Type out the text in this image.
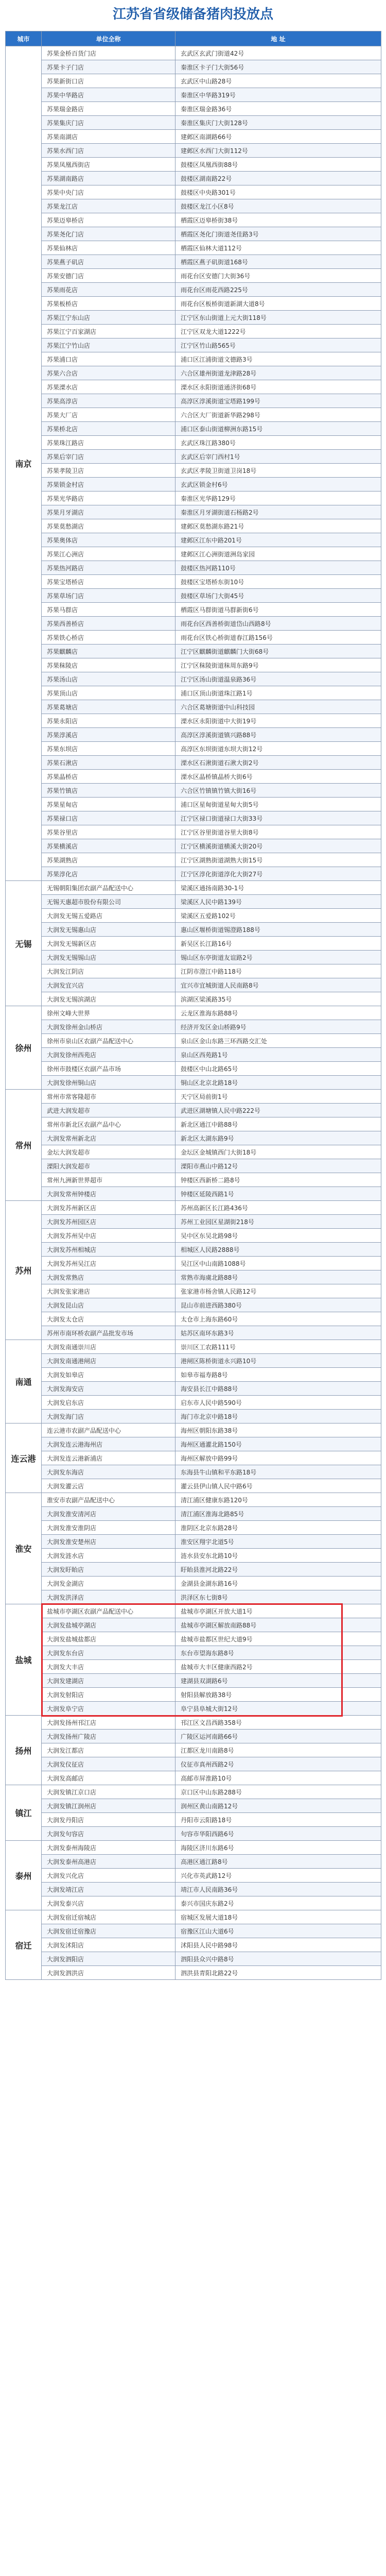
江苏省省级储备猪肉投放点
城市	单位全称	地 址
南京	苏果金桥百货门店	玄武区玄武门街道42号
	苏果卡子门店	秦淮区卡子门大街56号
	苏果新街口店	玄武区中山路28号
	苏果中华路店	秦淮区中华路319号
	苏果瑞金路店	秦淮区瑞金路36号
	苏果集庆门店	秦淮区集庆门大街128号
	苏果南湖店	建邺区南湖路66号
	苏果水西门店	建邺区水西门大街112号
	苏果凤凰西街店	鼓楼区凤凰西街88号
	苏果湖南路店	鼓楼区湖南路22号
	苏果中央门店	鼓楼区中央路301号
	苏果龙江店	鼓楼区龙江小区8号
	苏果迈皋桥店	栖霞区迈皋桥街38号
	苏果尧化门店	栖霞区尧化门街道尧佳路3号
	苏果仙林店	栖霞区仙林大道112号
	苏果燕子矶店	栖霞区燕子矶街道168号
	苏果安德门店	雨花台区安德门大街36号
	苏果雨花店	雨花台区雨花西路225号
	苏果板桥店	雨花台区板桥街道新湖大道8号
	苏果江宁东山店	江宁区东山街道上元大街118号
	苏果江宁百家湖店	江宁区双龙大道1222号
	苏果江宁竹山店	江宁区竹山路565号
	苏果浦口店	浦口区江浦街道文德路3号
	苏果六合店	六合区雄州街道龙津路28号
	苏果溧水店	溧水区永阳街道通济街68号
	苏果高淳店	高淳区淳溪街道宝塔路199号
	苏果大厂店	六合区大厂街道新华路298号
	苏果桥北店	浦口区泰山街道柳洲东路15号
	苏果珠江路店	玄武区珠江路380号
	苏果后宰门店	玄武区后宰门西村1号
	苏果孝陵卫店	玄武区孝陵卫街道卫岗18号
	苏果锁金村店	玄武区锁金村6号
	苏果光华路店	秦淮区光华路129号
	苏果月牙湖店	秦淮区月牙湖街道石杨路2号
	苏果莫愁湖店	建邺区莫愁湖东路21号
	苏果奥体店	建邺区江东中路201号
	苏果江心洲店	建邺区江心洲街道洲岛家园
	苏果热河路店	鼓楼区热河路110号
	苏果宝塔桥店	鼓楼区宝塔桥东街10号
	苏果草场门店	鼓楼区草场门大街45号
	苏果马群店	栖霞区马群街道马群新街6号
	苏果西善桥店	雨花台区西善桥街道岱山西路8号
	苏果铁心桥店	雨花台区铁心桥街道春江路156号
	苏果麒麟店	江宁区麒麟街道麒麟门大街68号
	苏果秣陵店	江宁区秣陵街道秣周东路9号
	苏果汤山店	江宁区汤山街道温泉路36号
	苏果顶山店	浦口区顶山街道珠江路1号
	苏果葛塘店	六合区葛塘街道中山科技园
	苏果永阳店	溧水区永阳街道中大街19号
	苏果淳溪店	高淳区淳溪街道镇兴路88号
	苏果东坝店	高淳区东坝街道东坝大街12号
	苏果石湫店	溧水区石湫街道石湫大街2号
	苏果晶桥店	溧水区晶桥镇晶桥大街6号
	苏果竹镇店	六合区竹镇镇竹镇大街16号
	苏果星甸店	浦口区星甸街道星甸大街5号
	苏果禄口店	江宁区禄口街道禄口大街33号
	苏果谷里店	江宁区谷里街道谷里大街8号
	苏果横溪店	江宁区横溪街道横溪大街20号
	苏果湖熟店	江宁区湖熟街道湖熟大街15号
	苏果淳化店	江宁区淳化街道淳化大街27号
无锡	无锡朝阳集团农副产品配送中心	梁溪区通扬南路30-1号
	无锡天惠超市股份有限公司	梁溪区人民中路139号
	大润发无锡五爱路店	梁溪区五爱路102号
	大润发无锡惠山店	惠山区堰桥街道锡澄路188号
	大润发无锡新区店	新吴区长江路16号
	大润发无锡锡山店	锡山区东亭街道友谊路2号
	大润发江阴店	江阴市澄江中路118号
	大润发宜兴店	宜兴市宜城街道人民南路8号
	大润发无锡滨湖店	滨湖区梁溪路35号
徐州	徐州文峰大世界	云龙区淮海东路88号
	大润发徐州金山桥店	经济开发区金山桥路9号
	徐州市泉山区农副产品配送中心	泉山区金山东路三环西路交汇处
	大润发徐州西苑店	泉山区西苑路1号
	徐州市鼓楼区农副产品市场	鼓楼区中山北路65号
	大润发徐州铜山店	铜山区北京北路18号
常州	常州市常客隆超市	天宁区局前街1号
	武进大润发超市	武进区湖塘镇人民中路222号
	常州市新北区农副产品中心	新北区通江中路88号
	大润发常州新北店	新北区太湖东路9号
	金坛大润发超市	金坛区金城镇西门大街18号
	溧阳大润发超市	溧阳市燕山中路12号
	常州九洲新世界超市	钟楼区西新桥二路8号
	大润发常州钟楼店	钟楼区延陵西路1号
苏州	大润发苏州新区店	苏州高新区长江路436号
	大润发苏州园区店	苏州工业园区星湖街218号
	大润发苏州吴中店	吴中区东吴北路98号
	大润发苏州相城店	相城区人民路2888号
	大润发苏州吴江店	吴江区中山南路1088号
	大润发常熟店	常熟市海虞北路88号
	大润发张家港店	张家港市杨舍镇人民路12号
	大润发昆山店	昆山市前进西路380号
	大润发太仓店	太仓市上海东路60号
	苏州市南环桥农副产品批发市场	姑苏区南环东路3号
南通	大润发南通崇川店	崇川区工农路111号
	大润发南通港闸店	港闸区陈桥街道永兴路10号
	大润发如皋店	如皋市福寿路8号
	大润发海安店	海安县长江中路88号
	大润发启东店	启东市人民中路590号
	大润发海门店	海门市北京中路18号
连云港	连云港市农副产品配送中心	海州区朝阳东路38号
	大润发连云港海州店	海州区通灌北路150号
	大润发连云港新浦店	海州区解放中路99号
	大润发东海店	东海县牛山镇和平东路18号
	大润发灌云店	灌云县伊山镇人民中路6号
淮安	淮安市农副产品配送中心	清江浦区健康东路120号
	大润发淮安清河店	清江浦区淮海北路85号
	大润发淮安淮阴店	淮阴区北京东路28号
	大润发淮安楚州店	淮安区翔宇北道5号
	大润发涟水店	涟水县安东北路10号
	大润发盱眙店	盱眙县淮河北路22号
	大润发金湖店	金湖县金湖东路16号
	大润发洪泽店	洪泽区东七街8号
盐城	盐城市亭湖区农副产品配送中心	盐城市亭湖区开放大道1号
	大润发盐城亭湖店	盐城市亭湖区解放南路88号
	大润发盐城盐都店	盐城市盐都区世纪大道9号
	大润发东台店	东台市望海东路8号
	大润发大丰店	盐城市大丰区健康西路2号
	大润发建湖店	建湖县双湖路6号
	大润发射阳店	射阳县解放路38号
	大润发阜宁店	阜宁县阜城大街12号
扬州	大润发扬州邗江店	邗江区文昌西路358号
	大润发扬州广陵店	广陵区运河南路66号
	大润发江都店	江都区龙川南路8号
	大润发仪征店	仪征市真州西路2号
	大润发高邮店	高邮市屏淮路10号
镇江	大润发镇江京口店	京口区中山东路288号
	大润发镇江润州店	润州区黄山南路12号
	大润发丹阳店	丹阳市云阳路18号
	大润发句容店	句容市华阳西路6号
泰州	大润发泰州海陵店	海陵区济川东路6号
	大润发泰州高港店	高港区通江路8号
	大润发兴化店	兴化市英武路12号
	大润发靖江店	靖江市人民南路36号
	大润发泰兴店	泰兴市国庆东路2号
宿迁	大润发宿迁宿城店	宿城区发展大道18号
	大润发宿迁宿豫店	宿豫区江山大道6号
	大润发沭阳店	沭阳县人民中路98号
	大润发泗阳店	泗阳县众兴中路8号
	大润发泗洪店	泗洪县青阳北路22号
